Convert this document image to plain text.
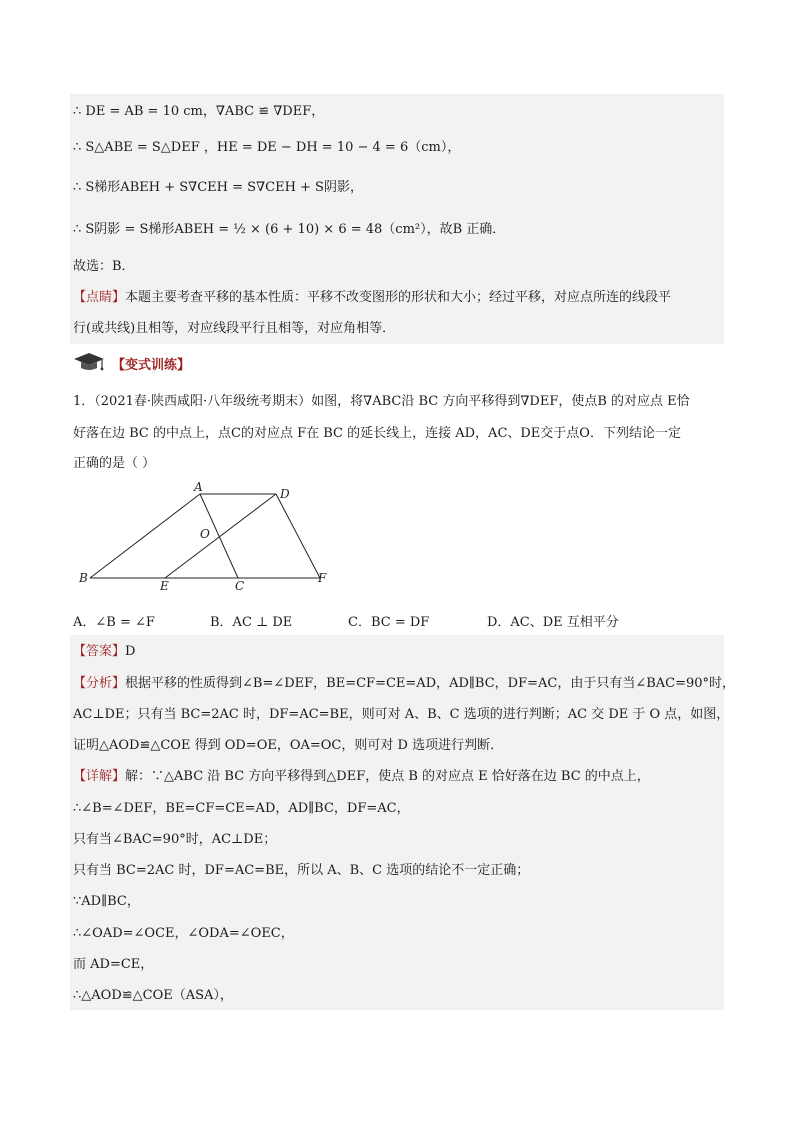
∴ DE = AB = 10 cm，∇ABC ≌ ∇DEF，
∴ S△ABE = S△DEF ，HE = DE − DH = 10 − 4 = 6（cm），
∴ S梯形ABEH + S∇CEH = S∇CEH + S阴影，
∴ S阴影 = S梯形ABEH = ½ × (6 + 10) × 6 = 48（cm²），故B 正确．
故选：B．
【点睛】本题主要考查平移的基本性质：平移不改变图形的形状和大小；经过平移，对应点所连的线段平
行(或共线)且相等，对应线段平行且相等，对应角相等．
【变式训练】
1．（2021春·陕西咸阳·八年级统考期末）如图，将∇ABC沿 BC 方向平移得到∇DEF，使点B 的对应点 E恰
好落在边 BC 的中点上，点C的对应点 F在 BC 的延长线上，连接 AD，AC、DE交于点O．下列结论一定
正确的是（ ）
A	D
O
B
E	C
F
A．∠B = ∠F	B．AC ⊥ DE	C．BC = DF	D．AC、DE 互相平分
【答案】D
【分析】根据平移的性质得到∠B=∠DEF，BE=CF=CE=AD，AD∥BC，DF=AC，由于只有当∠BAC=90°时，
AC⊥DE；只有当 BC=2AC 时，DF=AC=BE，则可对 A、B、C 选项的进行判断；AC 交 DE 于 O 点，如图，
证明△AOD≌△COE 得到 OD=OE，OA=OC，则可对 D 选项进行判断．
【详解】解：∵△ABC 沿 BC 方向平移得到△DEF，使点 B 的对应点 E 恰好落在边 BC 的中点上，
∴∠B=∠DEF，BE=CF=CE=AD，AD∥BC，DF=AC，
只有当∠BAC=90°时，AC⊥DE；
只有当 BC=2AC 时，DF=AC=BE，所以 A、B、C 选项的结论不一定正确；
∵AD∥BC，
∴∠OAD=∠OCE，∠ODA=∠OEC，
而 AD=CE，
∴△AOD≌△COE（ASA），
